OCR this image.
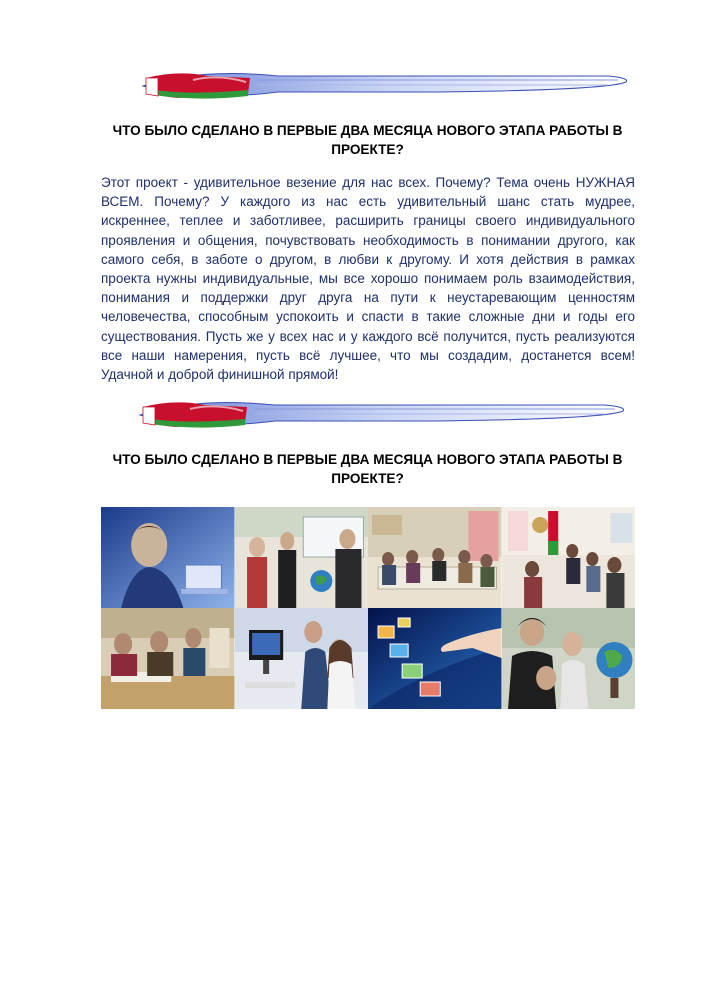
ЧТО БЫЛО СДЕЛАНО В ПЕРВЫЕ ДВА МЕСЯЦА НОВОГО ЭТАПА РАБОТЫ В ПРОЕКТЕ?
Этот проект - удивительное везение для нас всех. Почему? Тема очень НУЖНАЯ ВСЕМ. Почему? У каждого из нас есть удивительный шанс стать мудрее, искреннее, теплее и заботливее, расширить границы своего индивидуального проявления и общения, почувствовать необходимость в понимании другого, как самого себя, в заботе о другом, в любви к другому. И хотя действия в рамках проекта нужны индивидуальные, мы все хорошо понимаем роль взаимодействия, понимания и поддержки друг друга на пути к неустаревающим ценностям человечества, способным успокоить и спасти в такие сложные дни и годы его существования. Пусть же у всех нас и у каждого всё получится, пусть реализуются все наши намерения, пусть всё лучшее, что мы создадим, достанется всем! Удачной и доброй финишной прямой!
ЧТО БЫЛО СДЕЛАНО В ПЕРВЫЕ ДВА МЕСЯЦА НОВОГО ЭТАПА РАБОТЫ В ПРОЕКТЕ?
